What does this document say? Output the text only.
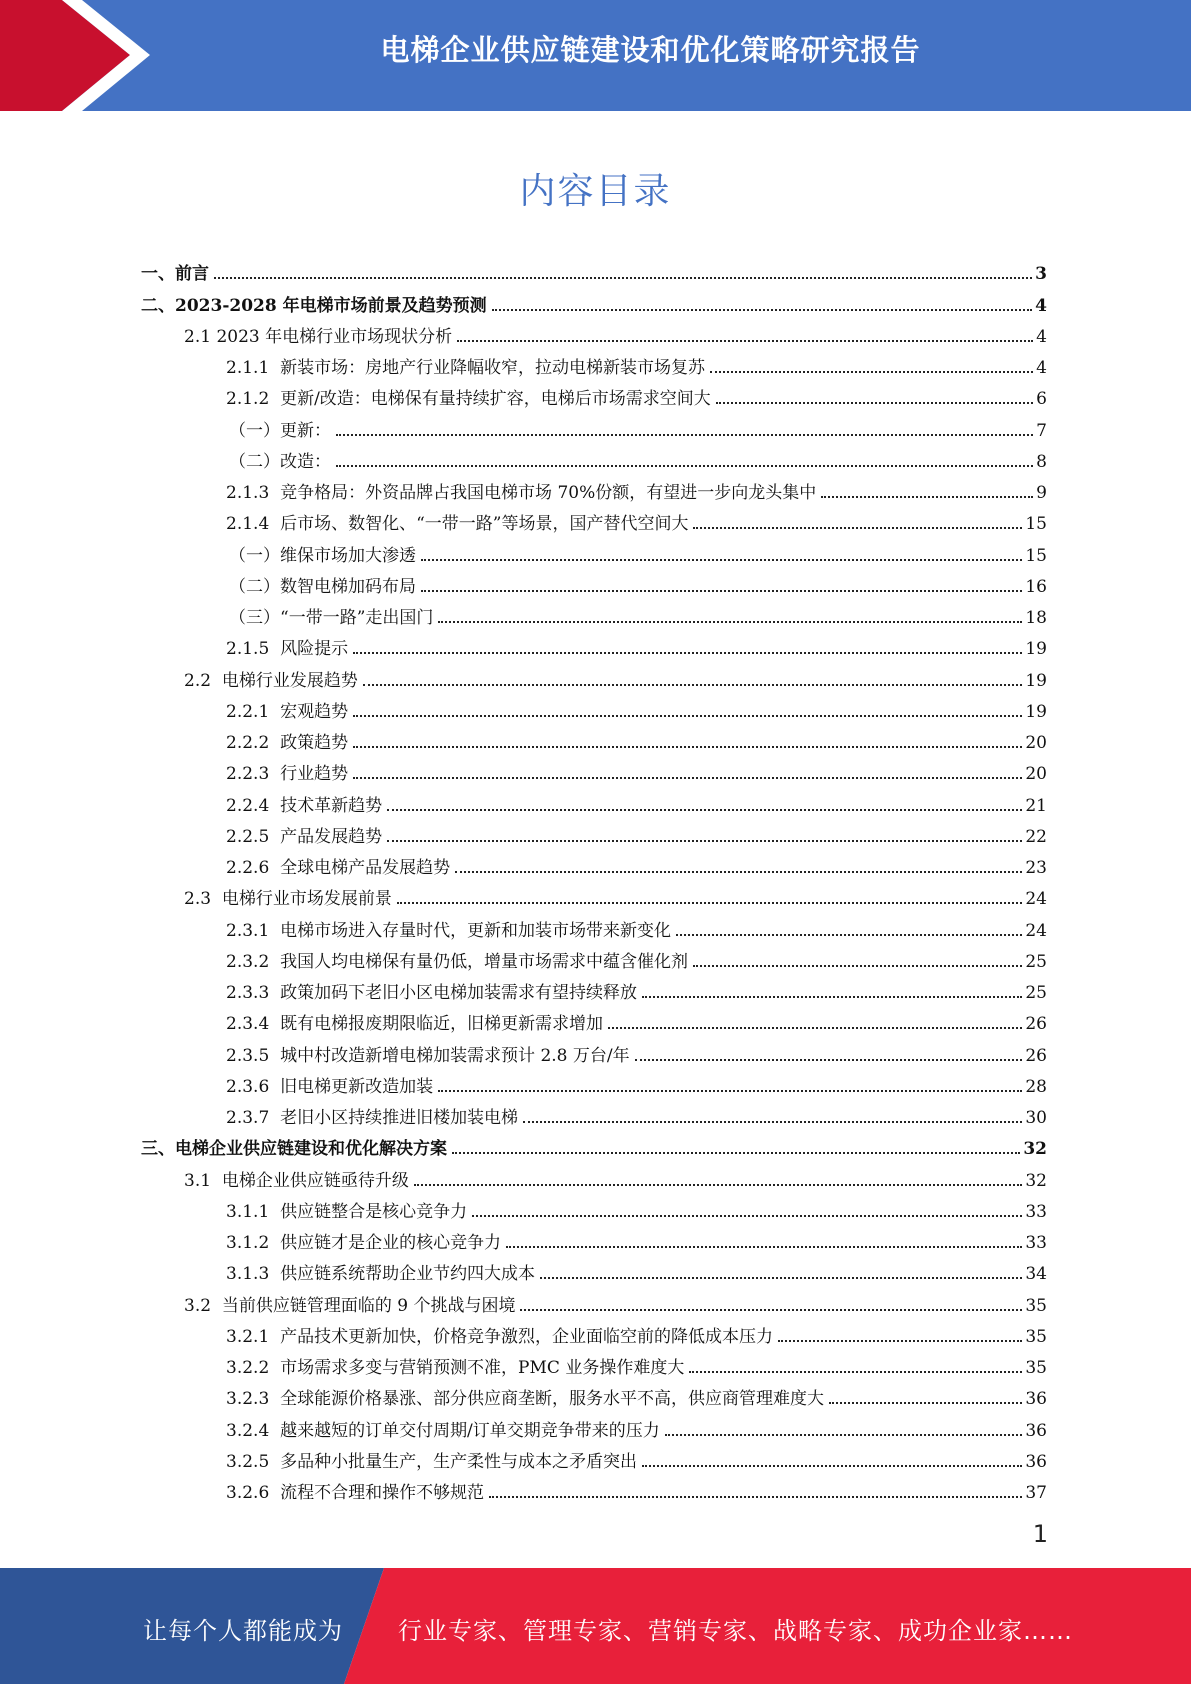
电梯企业供应链建设和优化策略研究报告
内容目录
一、前言	3
二、2023-2028 年电梯市场前景及趋势预测	4
2.1 2023 年电梯行业市场现状分析	4
2.1.1  新装市场：房地产行业降幅收窄，拉动电梯新装市场复苏	4
2.1.2  更新/改造：电梯保有量持续扩容，电梯后市场需求空间大	6
（一）更新：	7
（二）改造：	8
2.1.3  竞争格局：外资品牌占我国电梯市场 70%份额，有望进一步向龙头集中	9
2.1.4  后市场、数智化、“一带一路”等场景，国产替代空间大	15
（一）维保市场加大渗透	15
（二）数智电梯加码布局	16
（三）“一带一路”走出国门	18
2.1.5  风险提示	19
2.2  电梯行业发展趋势	19
2.2.1  宏观趋势	19
2.2.2  政策趋势	20
2.2.3  行业趋势	20
2.2.4  技术革新趋势	21
2.2.5  产品发展趋势	22
2.2.6  全球电梯产品发展趋势	23
2.3  电梯行业市场发展前景	24
2.3.1  电梯市场进入存量时代，更新和加装市场带来新变化	24
2.3.2  我国人均电梯保有量仍低，增量市场需求中蕴含催化剂	25
2.3.3  政策加码下老旧小区电梯加装需求有望持续释放	25
2.3.4  既有电梯报废期限临近，旧梯更新需求增加	26
2.3.5  城中村改造新增电梯加装需求预计 2.8 万台/年	26
2.3.6  旧电梯更新改造加装	28
2.3.7  老旧小区持续推进旧楼加装电梯	30
三、电梯企业供应链建设和优化解决方案	32
3.1  电梯企业供应链亟待升级	32
3.1.1  供应链整合是核心竞争力	33
3.1.2  供应链才是企业的核心竞争力	33
3.1.3  供应链系统帮助企业节约四大成本	34
3.2  当前供应链管理面临的 9 个挑战与困境	35
3.2.1  产品技术更新加快，价格竞争激烈，企业面临空前的降低成本压力	35
3.2.2  市场需求多变与营销预测不准，PMC 业务操作难度大	35
3.2.3  全球能源价格暴涨、部分供应商垄断，服务水平不高，供应商管理难度大	36
3.2.4  越来越短的订单交付周期/订单交期竞争带来的压力	36
3.2.5  多品种小批量生产，生产柔性与成本之矛盾突出	36
3.2.6  流程不合理和操作不够规范	37
1
让每个人都能成为 行业专家、管理专家、营销专家、战略专家、成功企业家……
